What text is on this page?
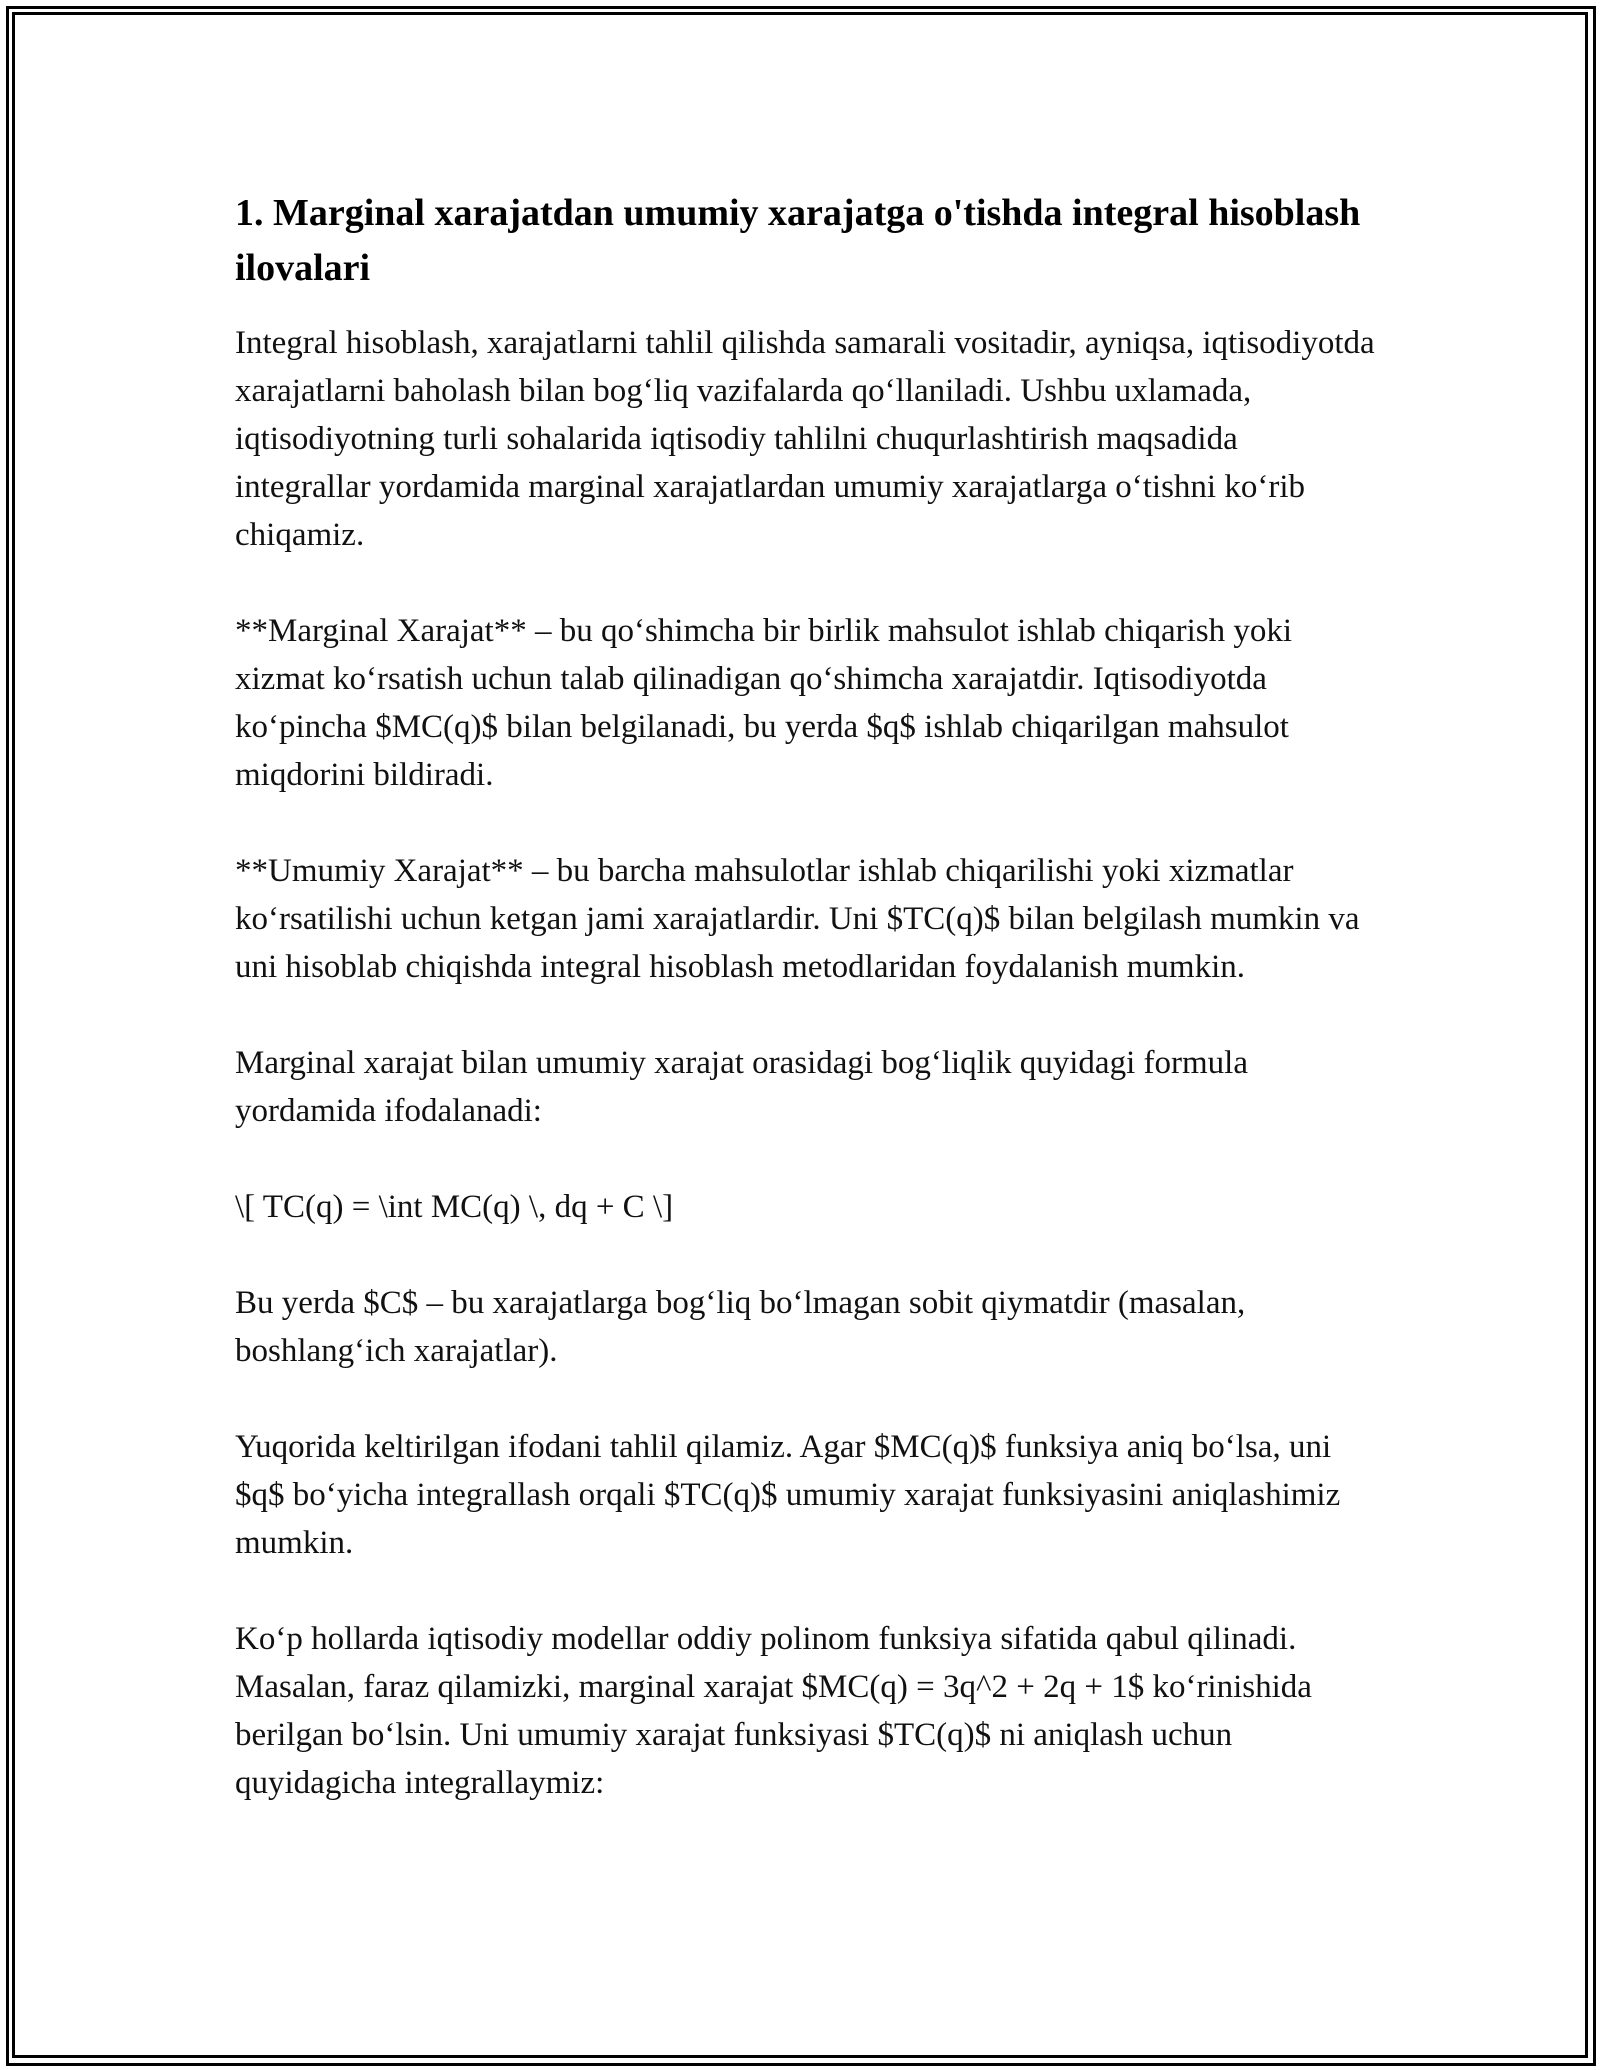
1. Marginal xarajatdan umumiy xarajatga o'tishda integral hisoblash ilovalari

Integral hisoblash, xarajatlarni tahlil qilishda samarali vositadir, ayniqsa, iqtisodiyotda xarajatlarni baholash bilan bog‘liq vazifalarda qo‘llaniladi. Ushbu uxlamada, iqtisodiyotning turli sohalarida iqtisodiy tahlilni chuqurlashtirish maqsadida integrallar yordamida marginal xarajatlardan umumiy xarajatlarga o‘tishni ko‘rib chiqamiz.

**Marginal Xarajat** – bu qo‘shimcha bir birlik mahsulot ishlab chiqarish yoki xizmat ko‘rsatish uchun talab qilinadigan qo‘shimcha xarajatdir. Iqtisodiyotda ko‘pincha $MC(q)$ bilan belgilanadi, bu yerda $q$ ishlab chiqarilgan mahsulot miqdorini bildiradi.

**Umumiy Xarajat** – bu barcha mahsulotlar ishlab chiqarilishi yoki xizmatlar ko‘rsatilishi uchun ketgan jami xarajatlardir. Uni $TC(q)$ bilan belgilash mumkin va uni hisoblab chiqishda integral hisoblash metodlaridan foydalanish mumkin.

Marginal xarajat bilan umumiy xarajat orasidagi bog‘liqlik quyidagi formula yordamida ifodalanadi:

\[ TC(q) = \int MC(q) \, dq + C \]

Bu yerda $C$ – bu xarajatlarga bog‘liq bo‘lmagan sobit qiymatdir (masalan, boshlang‘ich xarajatlar).

Yuqorida keltirilgan ifodani tahlil qilamiz. Agar $MC(q)$ funksiya aniq bo‘lsa, uni $q$ bo‘yicha integrallash orqali $TC(q)$ umumiy xarajat funksiyasini aniqlashimiz mumkin.

Ko‘p hollarda iqtisodiy modellar oddiy polinom funksiya sifatida qabul qilinadi. Masalan, faraz qilamizki, marginal xarajat $MC(q) = 3q^2 + 2q + 1$ ko‘rinishida berilgan bo‘lsin. Uni umumiy xarajat funksiyasi $TC(q)$ ni aniqlash uchun quyidagicha integrallaymiz:
